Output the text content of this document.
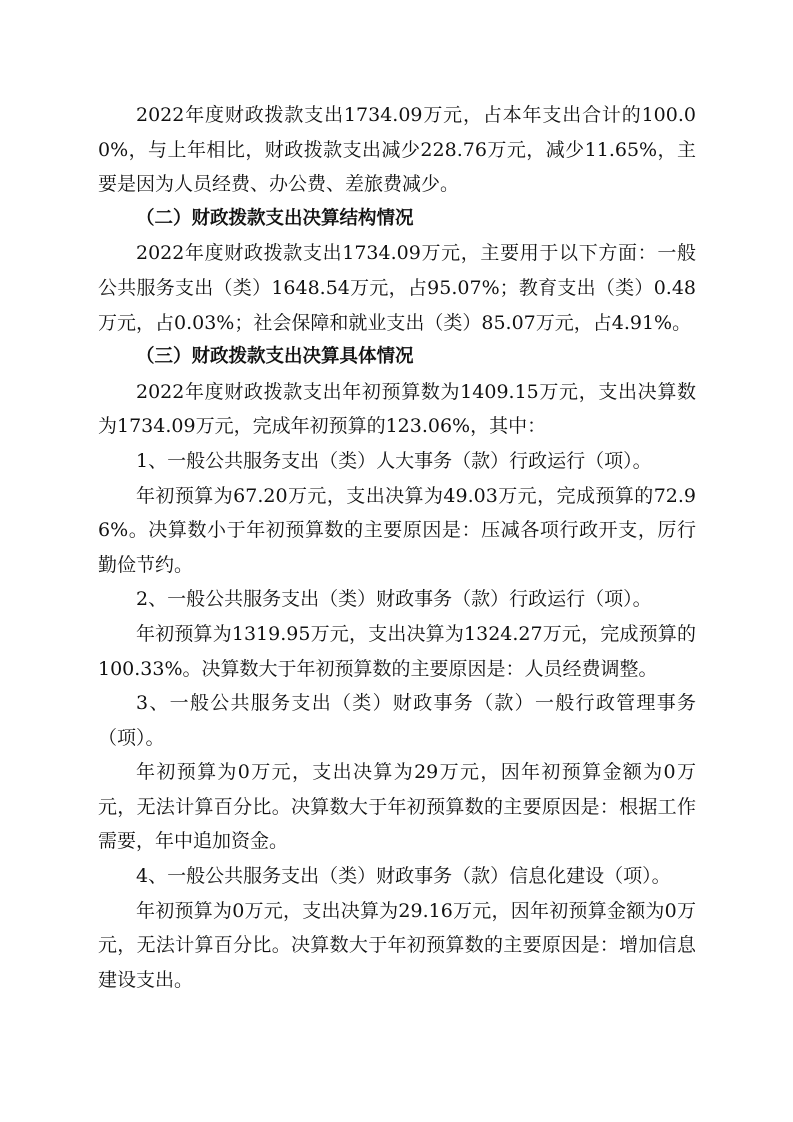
2022年度财政拨款支出1734.09万元，占本年支出合计的100.00%，与上年相比，财政拨款支出减少228.76万元，减少11.65%，主要是因为人员经费、办公费、差旅费减少。

（二）财政拨款支出决算结构情况

2022年度财政拨款支出1734.09万元，主要用于以下方面：一般公共服务支出（类）1648.54万元，占95.07%；教育支出（类）0.48万元，占0.03%；社会保障和就业支出（类）85.07万元，占4.91%。

（三）财政拨款支出决算具体情况

2022年度财政拨款支出年初预算数为1409.15万元，支出决算数为1734.09万元，完成年初预算的123.06%，其中：

1、一般公共服务支出（类）人大事务（款）行政运行（项）。

年初预算为67.20万元，支出决算为49.03万元，完成预算的72.96%。决算数小于年初预算数的主要原因是：压减各项行政开支，厉行勤俭节约。

2、一般公共服务支出（类）财政事务（款）行政运行（项）。

年初预算为1319.95万元，支出决算为1324.27万元，完成预算的100.33%。决算数大于年初预算数的主要原因是：人员经费调整。

3、一般公共服务支出（类）财政事务（款）一般行政管理事务（项）。

年初预算为0万元，支出决算为29万元，因年初预算金额为0万元，无法计算百分比。决算数大于年初预算数的主要原因是：根据工作需要，年中追加资金。

4、一般公共服务支出（类）财政事务（款）信息化建设（项）。

年初预算为0万元，支出决算为29.16万元，因年初预算金额为0万元，无法计算百分比。决算数大于年初预算数的主要原因是：增加信息建设支出。
